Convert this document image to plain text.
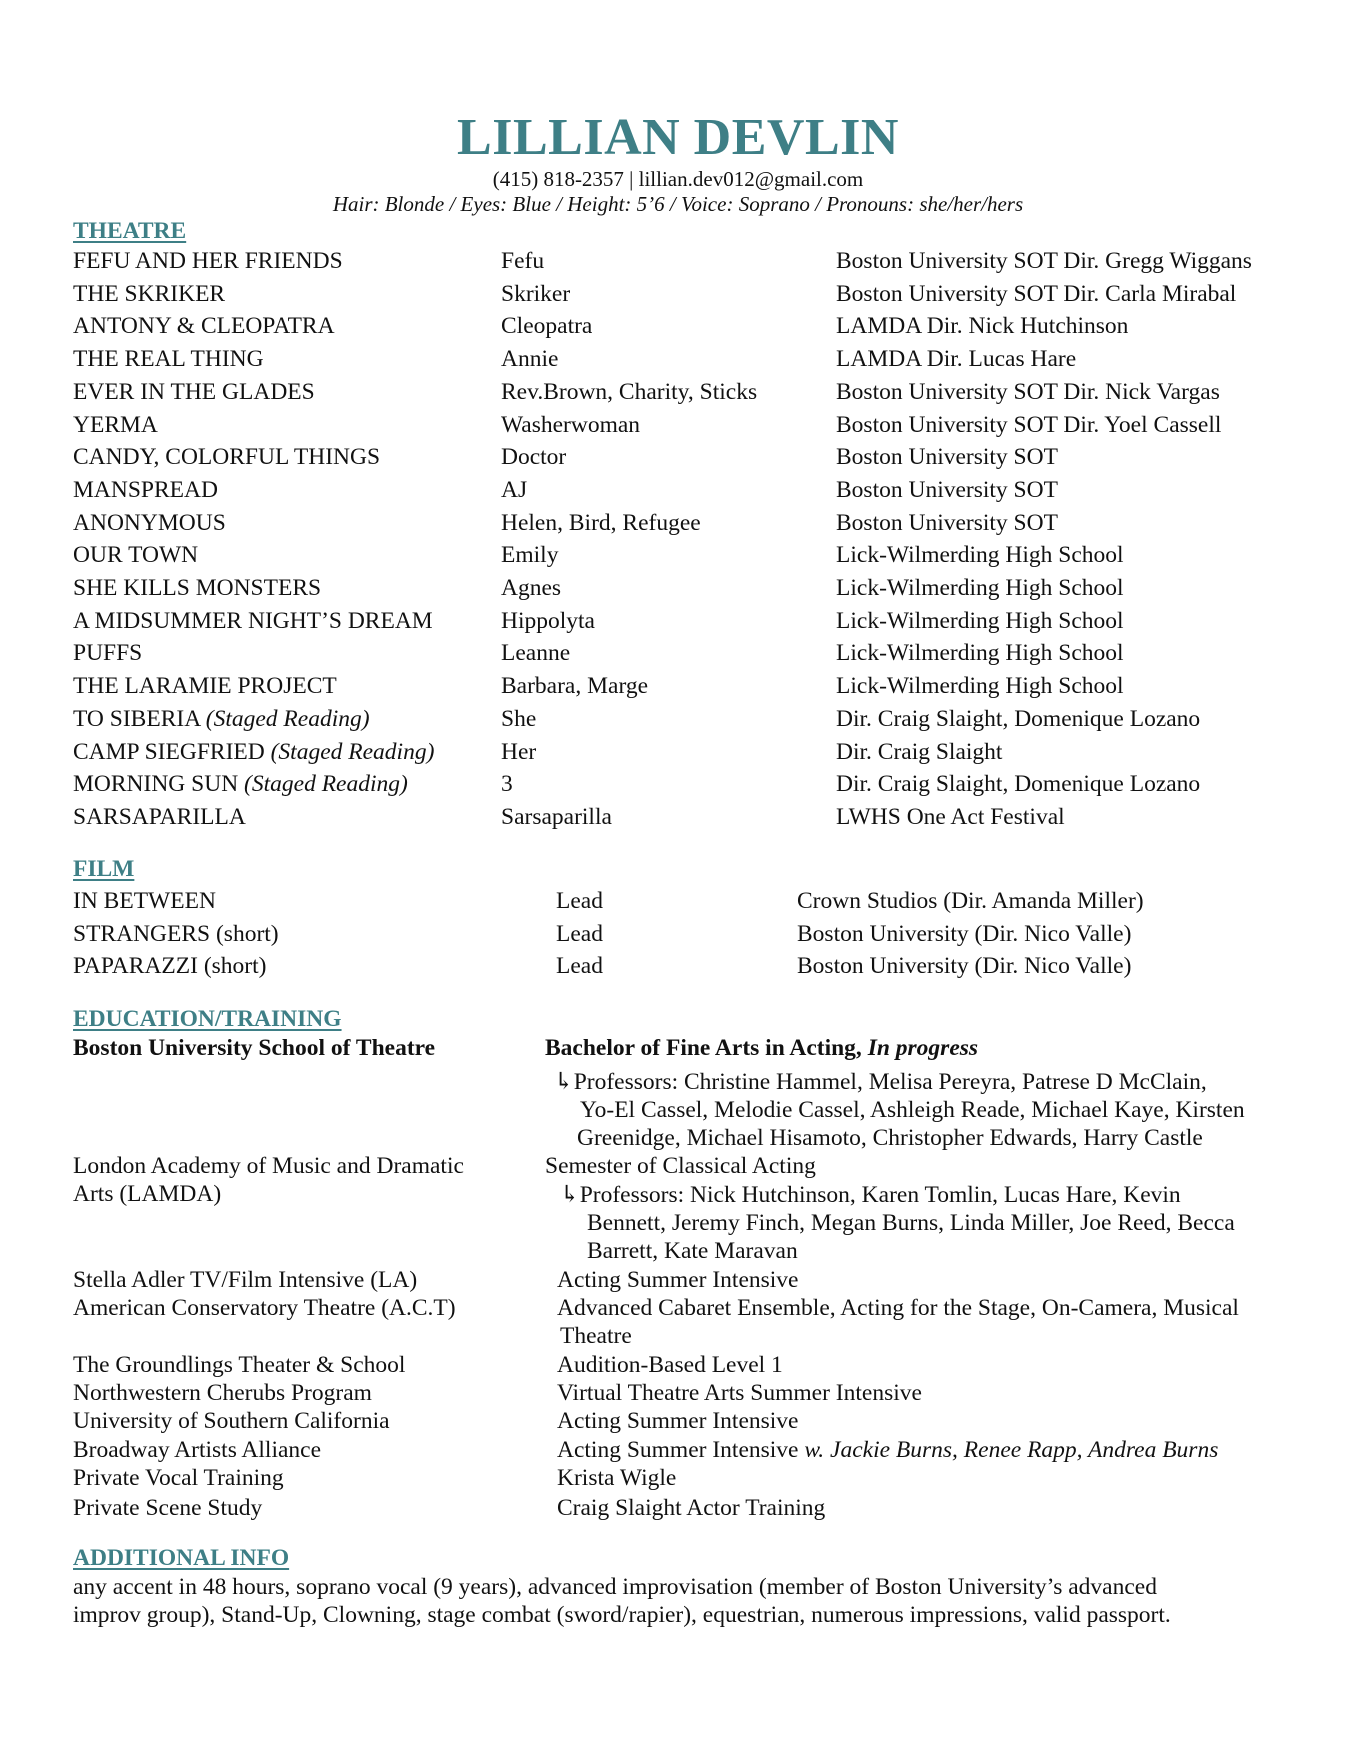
LILLIAN DEVLIN
(415) 818-2357 | lillian.dev012@gmail.com
Hair: Blonde / Eyes: Blue / Height: 5’6 / Voice: Soprano / Pronouns: she/her/hers
THEATRE
FILM
EDUCATION/TRAINING
Boston University School of Theatre	Bachelor of Fine Arts in Acting, In progress
↳Professors: Christine Hammel, Melisa Pereyra, Patrese D McClain,
Yo-El Cassel, Melodie Cassel, Ashleigh Reade, Michael Kaye, Kirsten
Greenidge, Michael Hisamoto, Christopher Edwards, Harry Castle
London Academy of Music and Dramatic
Arts (LAMDA)
Semester of Classical Acting
↳Professors: Nick Hutchinson, Karen Tomlin, Lucas Hare, Kevin
Bennett, Jeremy Finch, Megan Burns, Linda Miller, Joe Reed, Becca
Barrett, Kate Maravan
Stella Adler TV/Film Intensive (LA)	Acting Summer Intensive
American Conservatory Theatre (A.C.T)	Advanced Cabaret Ensemble, Acting for the Stage, On-Camera, Musical
Theatre
The Groundlings Theater & School	Audition-Based Level 1
Northwestern Cherubs Program	Virtual Theatre Arts Summer Intensive
University of Southern California	Acting Summer Intensive
Broadway Artists Alliance	Acting Summer Intensive w. Jackie Burns, Renee Rapp, Andrea Burns
Private Vocal Training	Krista Wigle
Private Scene Study	Craig Slaight Actor Training
ADDITIONAL INFO
any accent in 48 hours, soprano vocal (9 years), advanced improvisation (member of Boston University’s advanced
improv group), Stand-Up, Clowning, stage combat (sword/rapier), equestrian, numerous impressions, valid passport.
FEFU AND HER FRIENDS	Fefu	Boston University SOT Dir. Gregg Wiggans
THE SKRIKER	Skriker	Boston University SOT Dir. Carla Mirabal
ANTONY & CLEOPATRA	Cleopatra	LAMDA Dir. Nick Hutchinson
THE REAL THING	Annie	LAMDA Dir. Lucas Hare
EVER IN THE GLADES	Rev.Brown, Charity, Sticks	Boston University SOT Dir. Nick Vargas
YERMA	Washerwoman	Boston University SOT Dir. Yoel Cassell
CANDY, COLORFUL THINGS	Doctor	Boston University SOT
MANSPREAD	AJ	Boston University SOT
ANONYMOUS	Helen, Bird, Refugee	Boston University SOT
OUR TOWN	Emily	Lick-Wilmerding High School
SHE KILLS MONSTERS	Agnes	Lick-Wilmerding High School
A MIDSUMMER NIGHT’S DREAM	Hippolyta	Lick-Wilmerding High School
PUFFS	Leanne	Lick-Wilmerding High School
THE LARAMIE PROJECT	Barbara, Marge	Lick-Wilmerding High School
TO SIBERIA (Staged Reading)	She	Dir. Craig Slaight, Domenique Lozano
CAMP SIEGFRIED (Staged Reading)	Her	Dir. Craig Slaight
MORNING SUN (Staged Reading)	3	Dir. Craig Slaight, Domenique Lozano
SARSAPARILLA	Sarsaparilla	LWHS One Act Festival
IN BETWEEN	Lead	Crown Studios (Dir. Amanda Miller)
STRANGERS (short)	Lead	Boston University (Dir. Nico Valle)
PAPARAZZI (short)	Lead	Boston University (Dir. Nico Valle)
